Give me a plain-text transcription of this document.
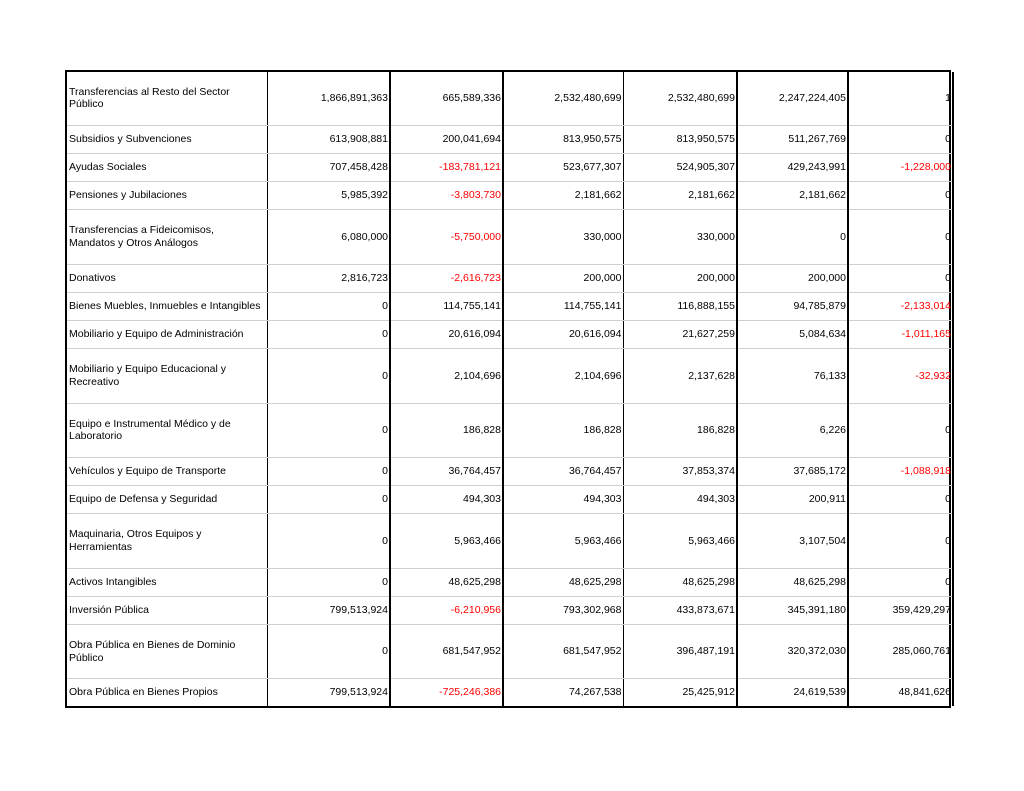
Transferencias al Resto del Sector Público	1,866,891,363	665,589,336	2,532,480,699	2,532,480,699	2,247,224,405	1
Subsidios y Subvenciones	613,908,881	200,041,694	813,950,575	813,950,575	511,267,769	0
Ayudas Sociales	707,458,428	-183,781,121	523,677,307	524,905,307	429,243,991	-1,228,000
Pensiones y Jubilaciones	5,985,392	-3,803,730	2,181,662	2,181,662	2,181,662	0
Transferencias a Fideicomisos, Mandatos y Otros Análogos	6,080,000	-5,750,000	330,000	330,000	0	0
Donativos	2,816,723	-2,616,723	200,000	200,000	200,000	0
Bienes Muebles, Inmuebles e Intangibles	0	114,755,141	114,755,141	116,888,155	94,785,879	-2,133,014
Mobiliario y Equipo de Administración	0	20,616,094	20,616,094	21,627,259	5,084,634	-1,011,165
Mobiliario y Equipo Educacional y Recreativo	0	2,104,696	2,104,696	2,137,628	76,133	-32,932
Equipo e Instrumental Médico y de Laboratorio	0	186,828	186,828	186,828	6,226	0
Vehículos y Equipo de Transporte	0	36,764,457	36,764,457	37,853,374	37,685,172	-1,088,918
Equipo de Defensa y Seguridad	0	494,303	494,303	494,303	200,911	0
Maquinaria, Otros Equipos y Herramientas	0	5,963,466	5,963,466	5,963,466	3,107,504	0
Activos Intangibles	0	48,625,298	48,625,298	48,625,298	48,625,298	0
Inversión Pública	799,513,924	-6,210,956	793,302,968	433,873,671	345,391,180	359,429,297
Obra Pública en Bienes de Dominio Público	0	681,547,952	681,547,952	396,487,191	320,372,030	285,060,761
Obra Pública en Bienes Propios	799,513,924	-725,246,386	74,267,538	25,425,912	24,619,539	48,841,626
